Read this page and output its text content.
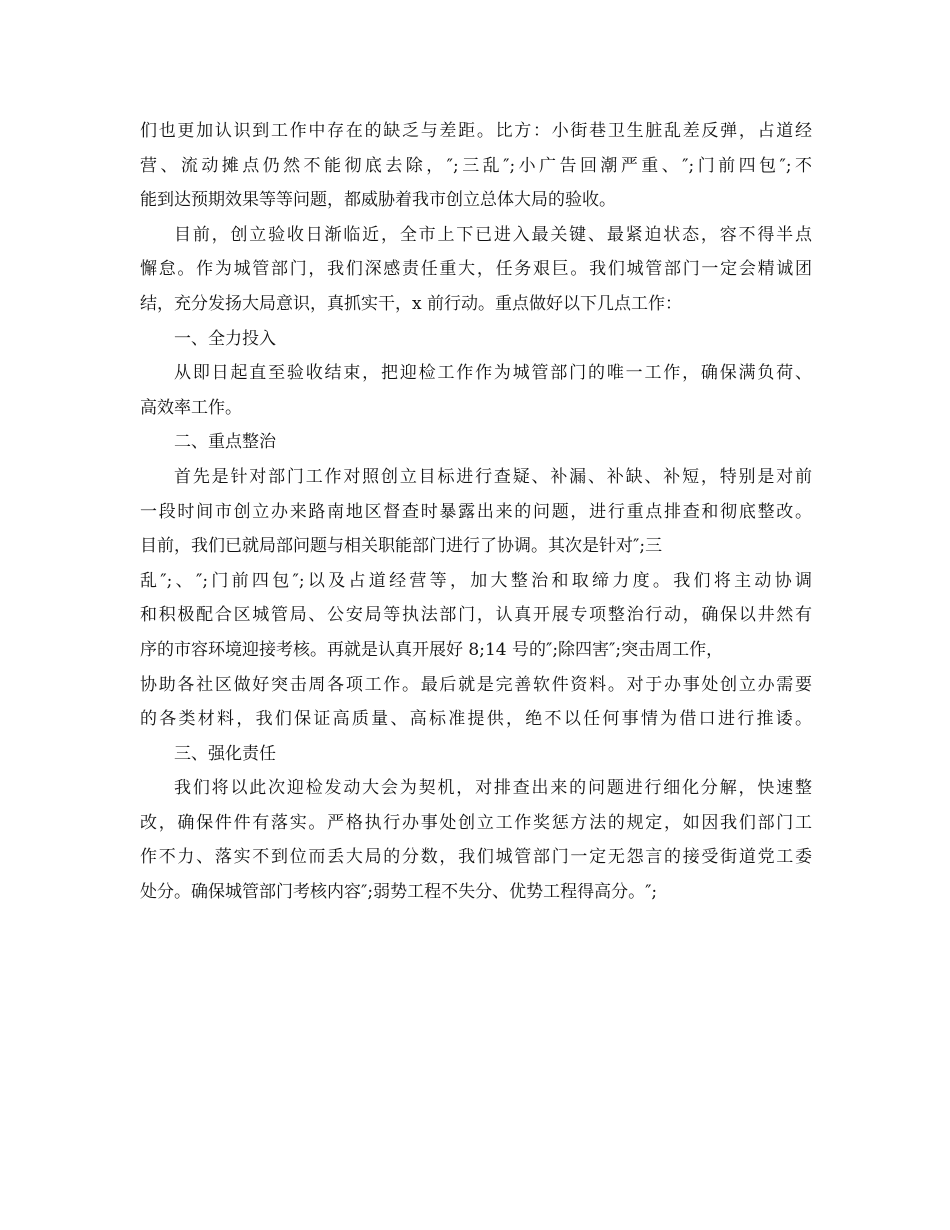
们也更加认识到工作中存在的缺乏与差距。比方：小街巷卫生脏乱差反弹，占道经
营、流动摊点仍然不能彻底去除，″;三乱″;小广告回潮严重、″;门前四包″;不
能到达预期效果等等问题，都威胁着我市创立总体大局的验收。
目前，创立验收日渐临近，全市上下已进入最关键、最紧迫状态，容不得半点
懈怠。作为城管部门，我们深感责任重大，任务艰巨。我们城管部门一定会精诚团
结，充分发扬大局意识，真抓实干，x 前行动。重点做好以下几点工作：
一、全力投入
从即日起直至验收结束，把迎检工作作为城管部门的唯一工作，确保满负荷、
高效率工作。
二、重点整治
首先是针对部门工作对照创立目标进行查疑、补漏、补缺、补短，特别是对前
一段时间市创立办来路南地区督查时暴露出来的问题，进行重点排查和彻底整改。
目前，我们已就局部问题与相关职能部门进行了协调。其次是针对″;三
乱″;、″;门前四包″;以及占道经营等，加大整治和取缔力度。我们将主动协调
和积极配合区城管局、公安局等执法部门，认真开展专项整治行动，确保以井然有
序的市容环境迎接考核。再就是认真开展好 8;14 号的″;除四害″;突击周工作，
协助各社区做好突击周各项工作。最后就是完善软件资料。对于办事处创立办需要
的各类材料，我们保证高质量、高标准提供，绝不以任何事情为借口进行推诿。
三、强化责任
我们将以此次迎检发动大会为契机，对排查出来的问题进行细化分解，快速整
改，确保件件有落实。严格执行办事处创立工作奖惩方法的规定，如因我们部门工
作不力、落实不到位而丢大局的分数，我们城管部门一定无怨言的接受街道党工委
处分。确保城管部门考核内容″;弱势工程不失分、优势工程得高分。″;
